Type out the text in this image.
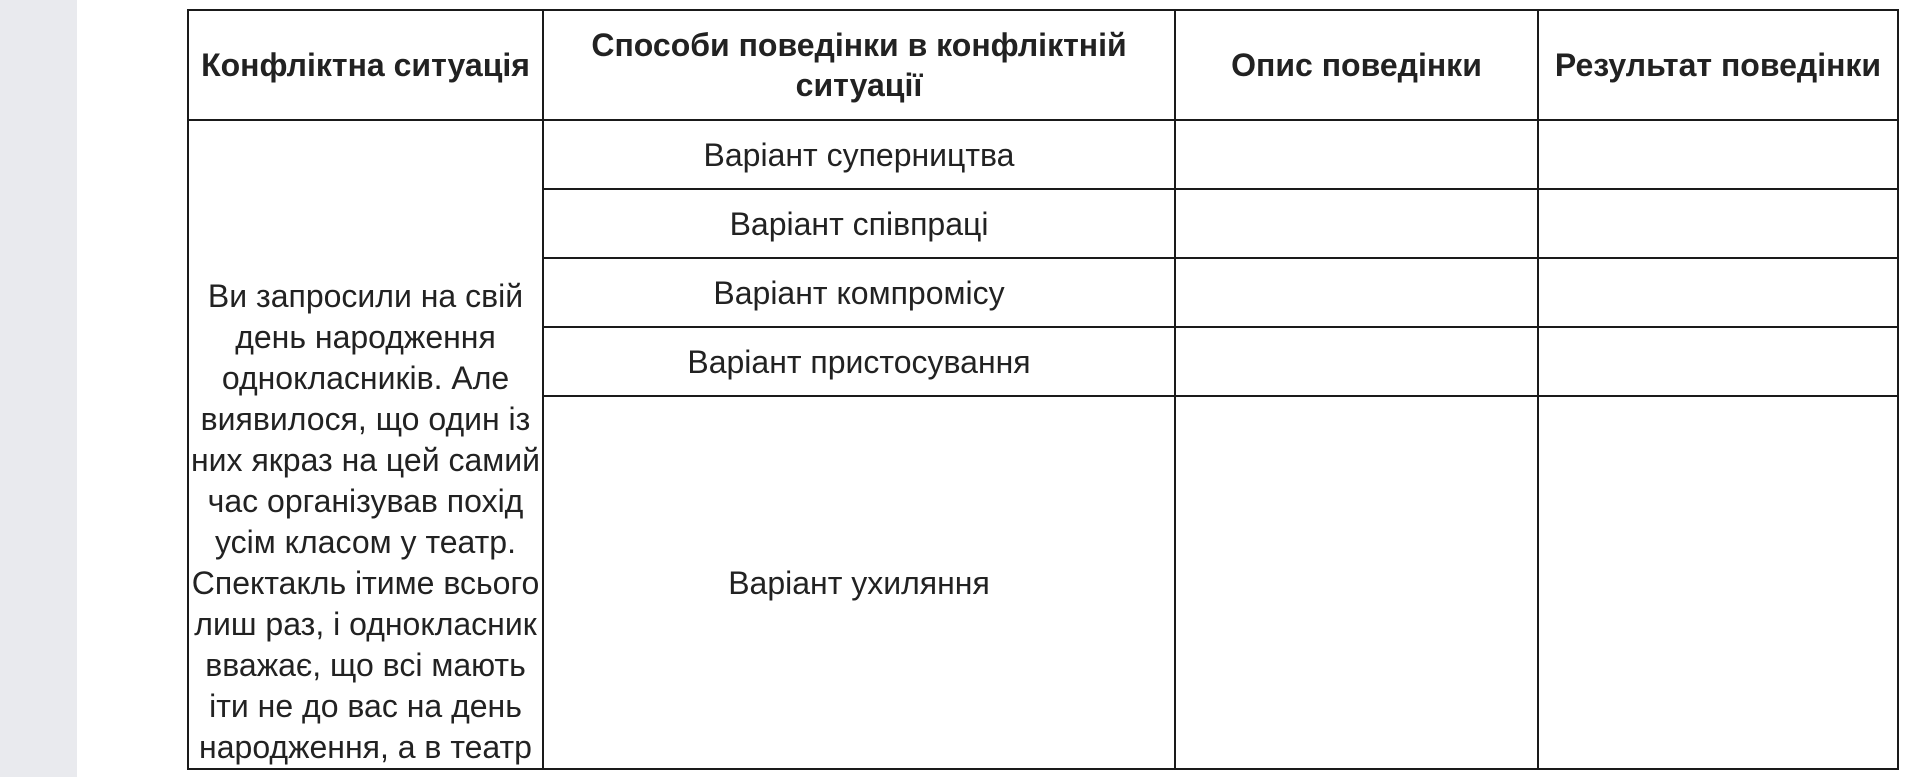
Конфліктна ситуація	Способи поведінки в конфліктній ситуації	Опис поведінки	Результат поведінки
Ви запросили на свій день народження однокласників. Але виявилося, що один із них якраз на цей самий час організував похід усім класом у театр. Спектакль ітиме всього лиш раз, і однокласник вважає, що всі мають іти не до вас на день народження, а в театр	Варіант суперництва		
	Варіант співпраці		
	Варіант компромісу		
	Варіант пристосування		
	Варіант ухиляння		
